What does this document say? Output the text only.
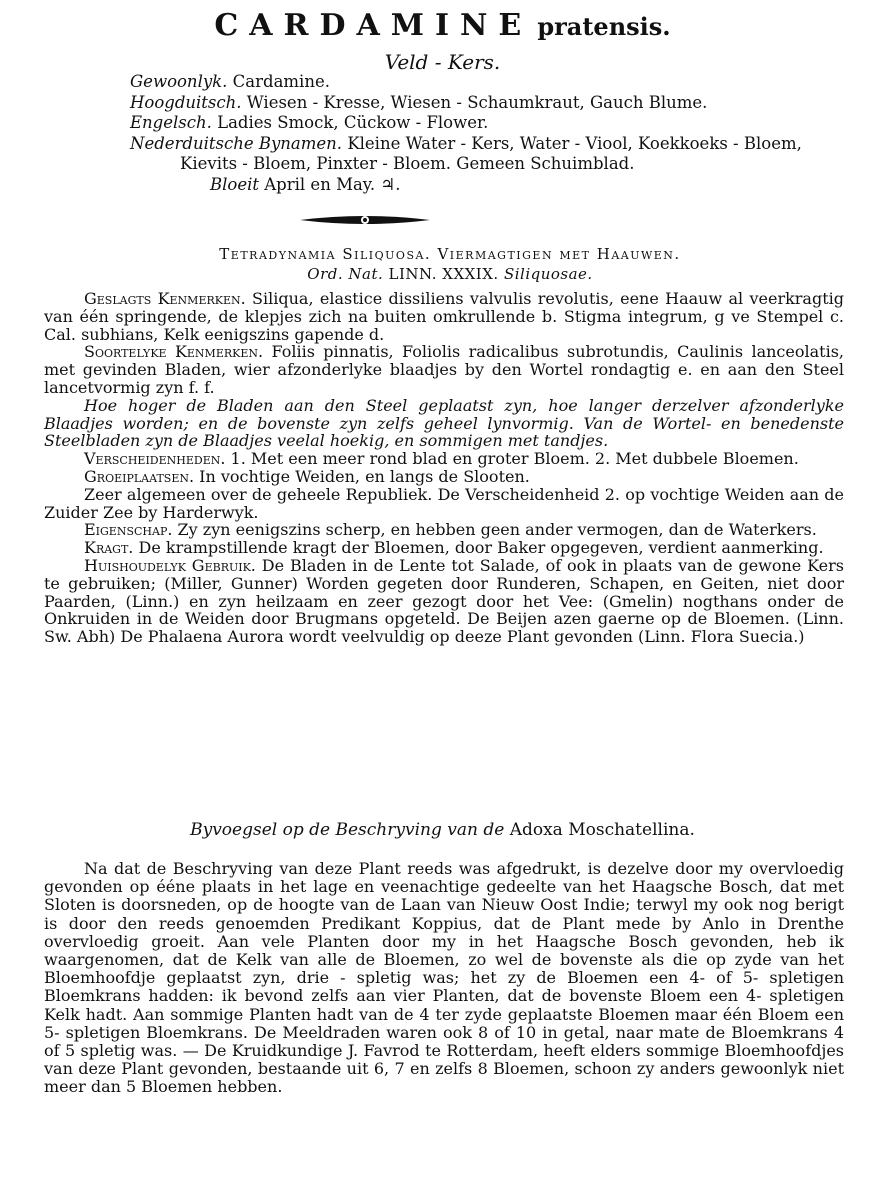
CARDAMINE pratensis.
Veld - Kers.
Gewoonlyk. Cardamine.
Hoogduitsch. Wiesen - Kresse, Wiesen - Schaumkraut, Gauch Blume.
Engelsch. Ladies Smock, Cückow - Flower.
Nederduitsche Bynamen. Kleine Water - Kers, Water - Viool, Koekkoeks - Bloem,
Kievits - Bloem, Pinxter - Bloem. Gemeen Schuimblad.
Bloeit April en May. ♃.
Tetradynamia Siliquosa. Viermagtigen met Haauwen.
Ord. Nat. LINN. XXXIX. Siliquosae.

Geslagts Kenmerken. Siliqua, elastice dissiliens valvulis revolutis, eene Haauw al veerkragtig van één springende, de klepjes zich na buiten omkrullende b. Stigma integrum, g ve Stempel c. Cal. subhians, Kelk eenigszins gapende d.

Soortelyke Kenmerken. Foliis pinnatis, Foliolis radicalibus subrotundis, Caulinis lanceolatis, met gevinden Bladen, wier afzonderlyke blaadjes by den Wortel rondagtig e. en aan den Steel lancetvormig zyn f. f.

Hoe hoger de Bladen aan den Steel geplaatst zyn, hoe langer derzelver afzonderlyke Blaadjes worden; en de bovenste zyn zelfs geheel lynvormig. Van de Wortel- en benedenste Steelbladen zyn de Blaadjes veelal hoekig, en sommigen met tandjes.

Verscheidenheden. 1. Met een meer rond blad en groter Bloem. 2. Met dubbele Bloemen.

Groeiplaatsen. In vochtige Weiden, en langs de Slooten.

Zeer algemeen over de geheele Republiek. De Verscheidenheid 2. op vochtige Weiden aan de Zuider Zee by Harderwyk.

Eigenschap. Zy zyn eenigszins scherp, en hebben geen ander vermogen, dan de Waterkers.

Kragt. De krampstillende kragt der Bloemen, door Baker opgegeven, verdient aanmerking.

Huishoudelyk Gebruik. De Bladen in de Lente tot Salade, of ook in plaats van de gewone Kers te gebruiken; (Miller, Gunner) Worden gegeten door Runderen, Schapen, en Geiten, niet door Paarden, (Linn.) en zyn heilzaam en zeer gezogt door het Vee: (Gmelin) nogthans onder de Onkruiden in de Weiden door Brugmans opgeteld. De Beijen azen gaerne op de Bloemen. (Linn. Sw. Abh) De Phalaena Aurora wordt veelvuldig op deeze Plant gevonden (Linn. Flora Suecia.)

Byvoegsel op de Beschryving van de Adoxa Moschatellina.

Na dat de Beschryving van deze Plant reeds was afgedrukt, is dezelve door my overvloedig gevonden op ééne plaats in het lage en veenachtige gedeelte van het Haagsche Bosch, dat met Sloten is doorsneden, op de hoogte van de Laan van Nieuw Oost Indie; terwyl my ook nog berigt is door den reeds genoemden Predikant Koppius, dat de Plant mede by Anlo in Drenthe overvloedig groeit. Aan vele Planten door my in het Haagsche Bosch gevonden, heb ik waargenomen, dat de Kelk van alle de Bloemen, zo wel de bovenste als die op zyde van het Bloemhoofdje geplaatst zyn, drie - spletig was; het zy de Bloemen een 4- of 5- spletigen Bloemkrans hadden: ik bevond zelfs aan vier Planten, dat de bovenste Bloem een 4- spletigen Kelk hadt. Aan sommige Planten hadt van de 4 ter zyde geplaatste Bloemen maar één Bloem een 5- spletigen Bloemkrans. De Meeldraden waren ook 8 of 10 in getal, naar mate de Bloemkrans 4 of 5 spletig was. — De Kruidkundige J. Favrod te Rotterdam, heeft elders sommige Bloemhoofdjes van deze Plant gevonden, bestaande uit 6, 7 en zelfs 8 Bloemen, schoon zy anders gewoonlyk niet meer dan 5 Bloemen hebben.
